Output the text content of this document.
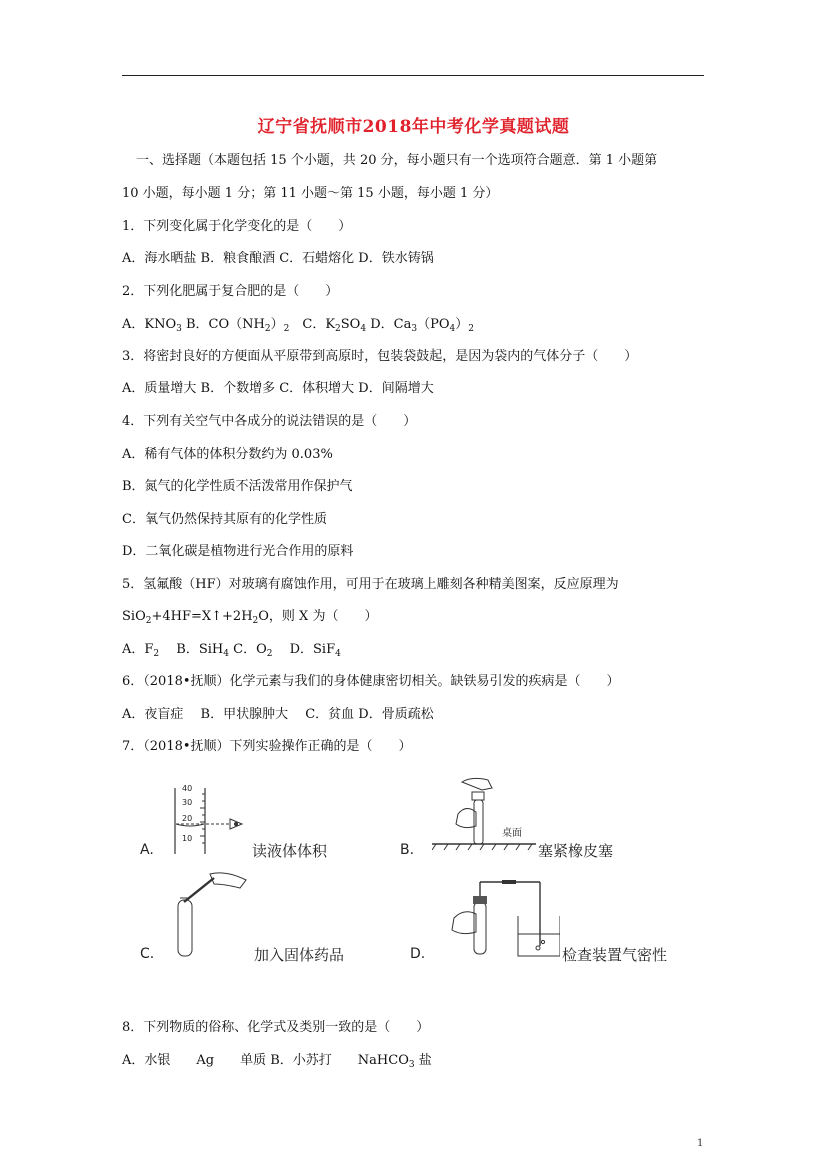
辽宁省抚顺市2018年中考化学真题试题
一、选择题（本题包括 15 个小题，共 20 分，每小题只有一个选项符合题意．第 1 小题第
10 小题，每小题 1 分；第 11 小题～第 15 小题，每小题 1 分）
1．下列变化属于化学变化的是（　　）
A．海水晒盐 B．粮食酿酒 C．石蜡熔化 D．铁水铸锅
2．下列化肥属于复合肥的是（　　）
A．$KNO_3$ B．$CO(NH_2)_2$　C．$K_2SO_4$ D．$Ca_3(PO_4)_2$
3．将密封良好的方便面从平原带到高原时，包装袋鼓起，是因为袋内的气体分子（　　）
A．质量增大 B．个数增多 C．体积增大 D．间隔增大
4．下列有关空气中各成分的说法错误的是（　　）
A．稀有气体的体积分数约为 0.03%
B．氮气的化学性质不活泼常用作保护气
C．氧气仍然保持其原有的化学性质
D．二氧化碳是植物进行光合作用的原料
5．氢氟酸（HF）对玻璃有腐蚀作用，可用于在玻璃上雕刻各种精美图案，反应原理为
$SiO_2+4HF=X↑+2H_2O$，则 X 为（　　）
A．$F_2$　 B．SiH$_4$ C．$O_2$　 D．SiF$_4$
6．（2018•抚顺）化学元素与我们的身体健康密切相关。缺铁易引发的疾病是（　　）
A．夜盲症　 B．甲状腺肿大　 C．贫血 D．骨质疏松
7．（2018•抚顺）下列实验操作正确的是（　　）
A.
40
30
20
10
读液体体积	B.
桌面
塞紧橡皮塞
C.	加入固体药品	D.	检查装置气密性
8．下列物质的俗称、化学式及类别一致的是（　　）
A．水银　　Ag　　单质 B．小苏打　　NaHCO$_3$ 盐
1
